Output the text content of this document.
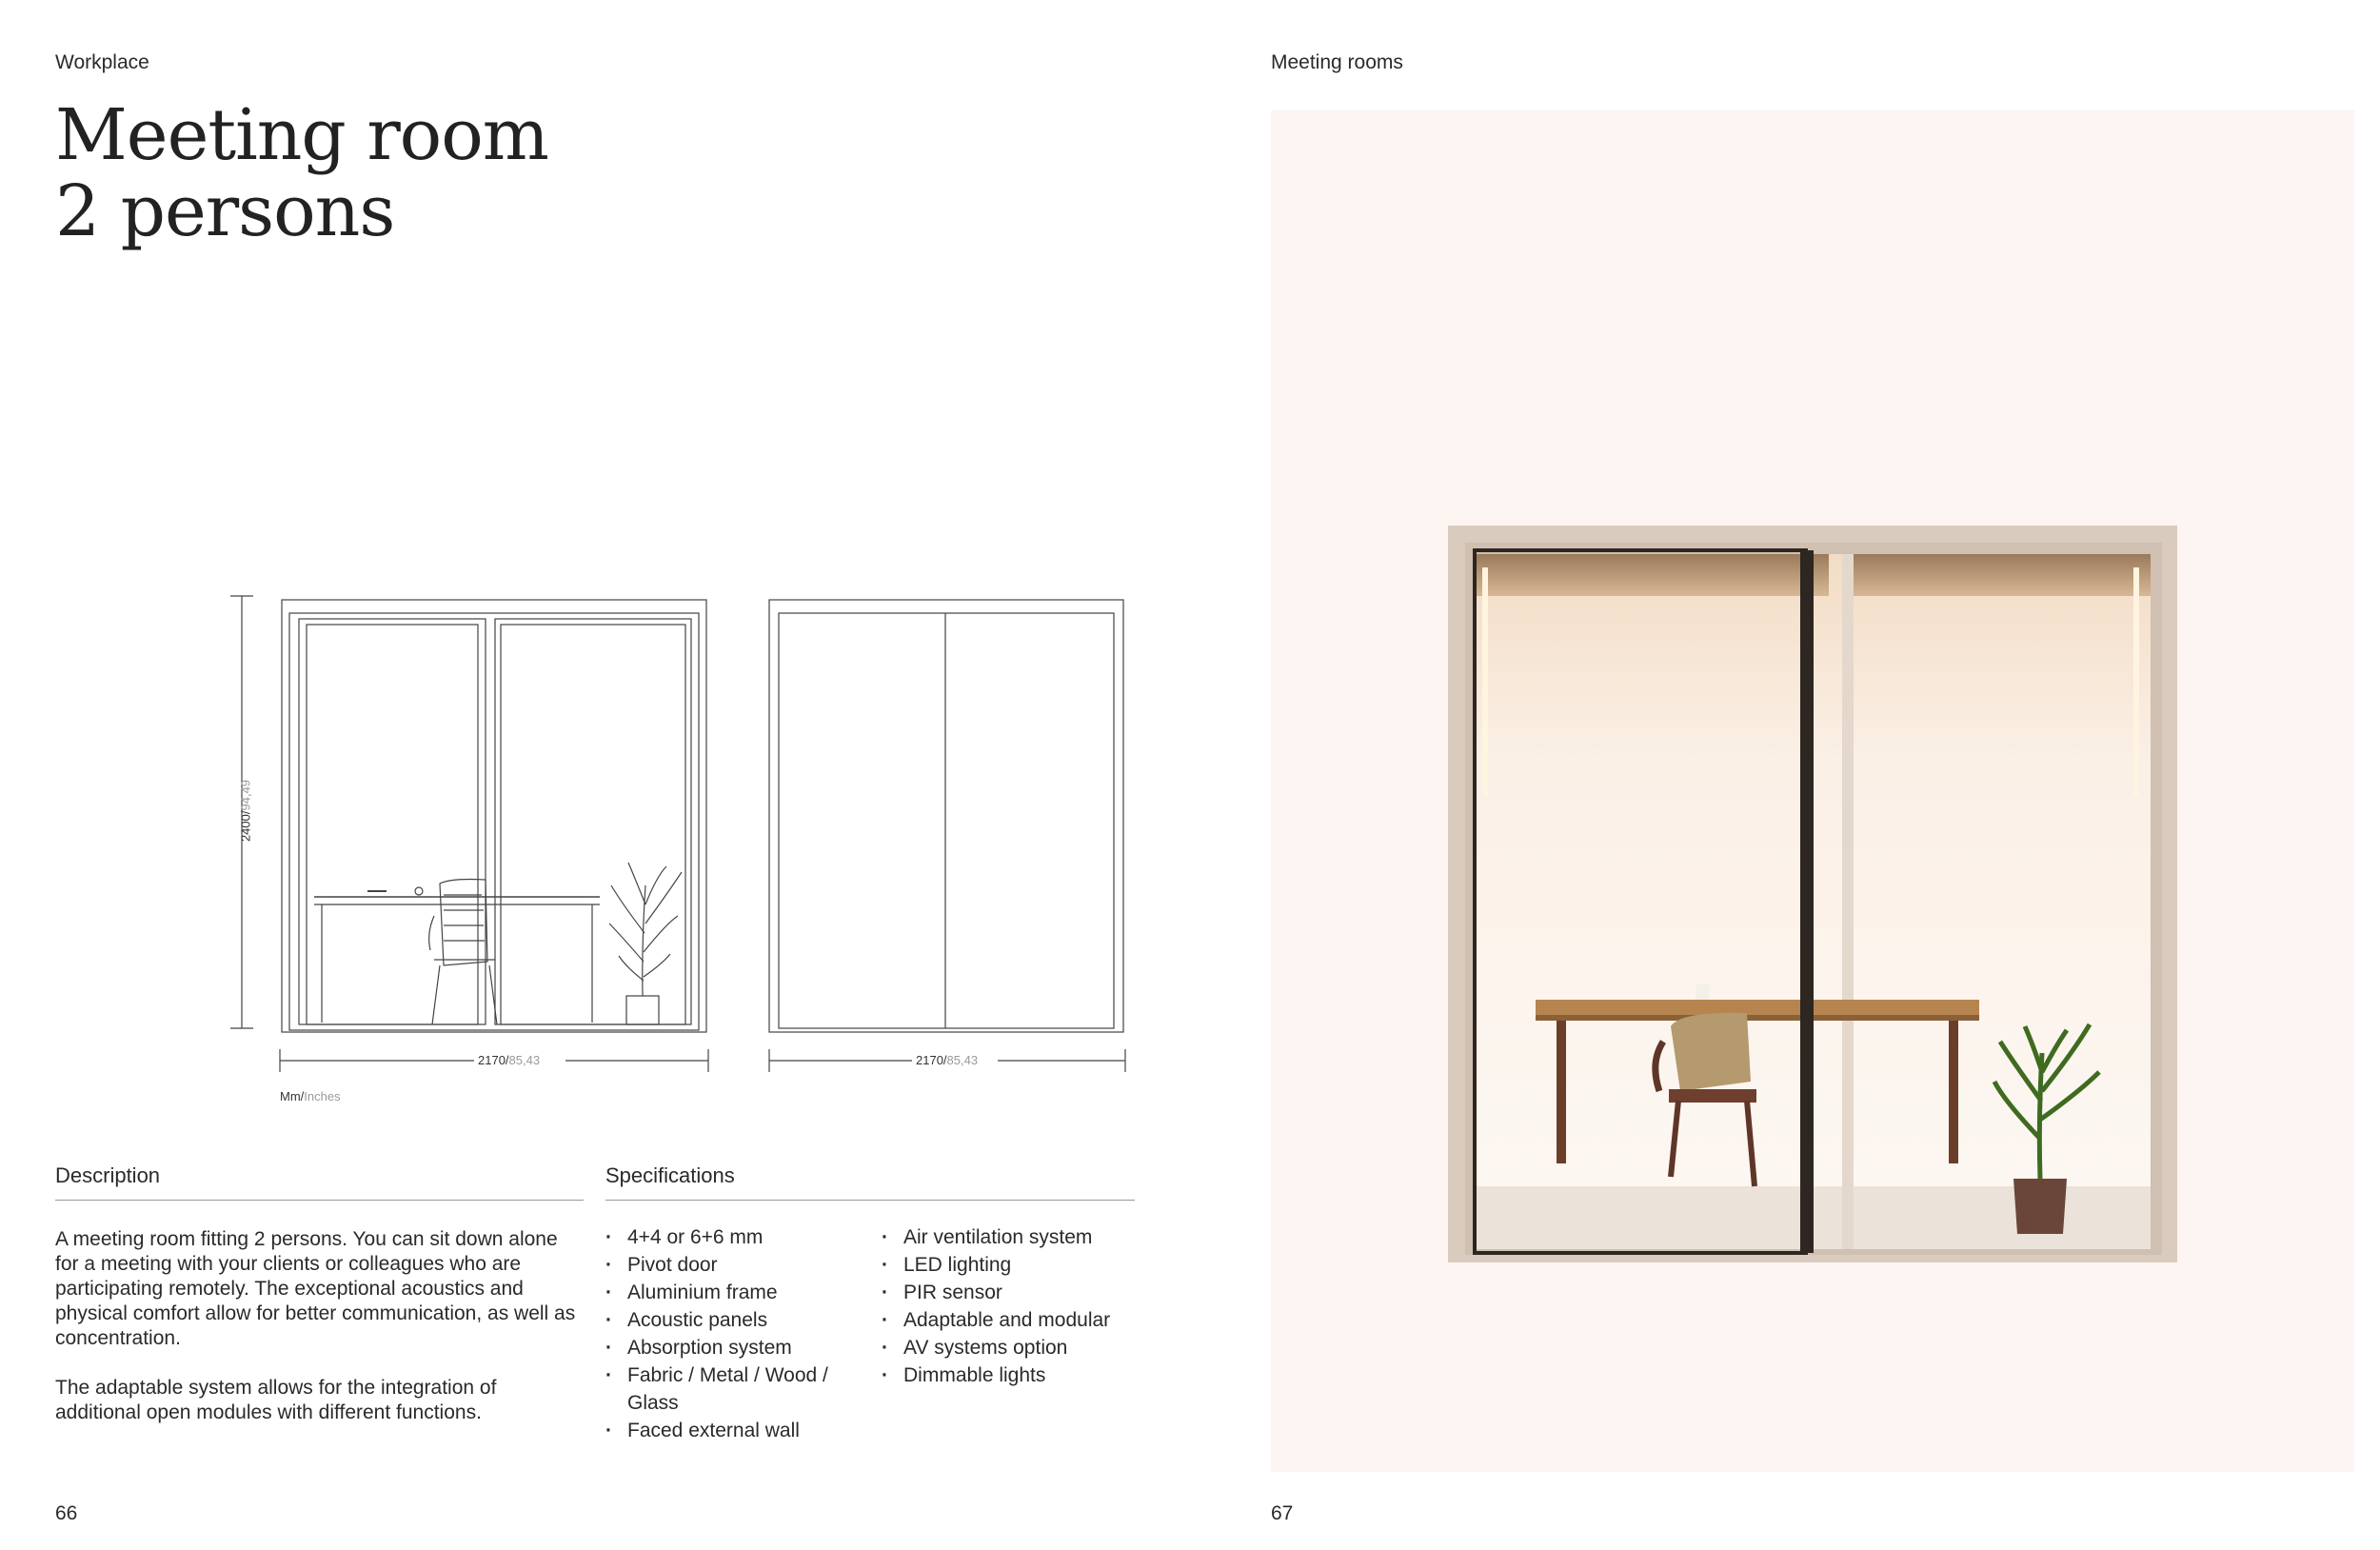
Workplace
Meeting room
2 persons
2170/85,43	2170/85,43
2400/94,49
Mm/Inches
Description

A meeting room fitting 2 persons. You can sit down alone for a meeting with your clients or colleagues who are participating remotely. The exceptional acoustics and physical comfort allow for better communication, as well as concentration.

The adaptable system allows for the integration of additional open modules with different functions.

Specifications
· 4+4 or 6+6 mm
· Pivot door
· Aluminium frame
· Acoustic panels
· Absorption system
· Fabric / Metal / Wood / Glass
· Faced external wall
· Air ventilation system
· LED lighting
· PIR sensor
· Adaptable and modular
· AV systems option
· Dimmable lights
66
Meeting rooms
67
